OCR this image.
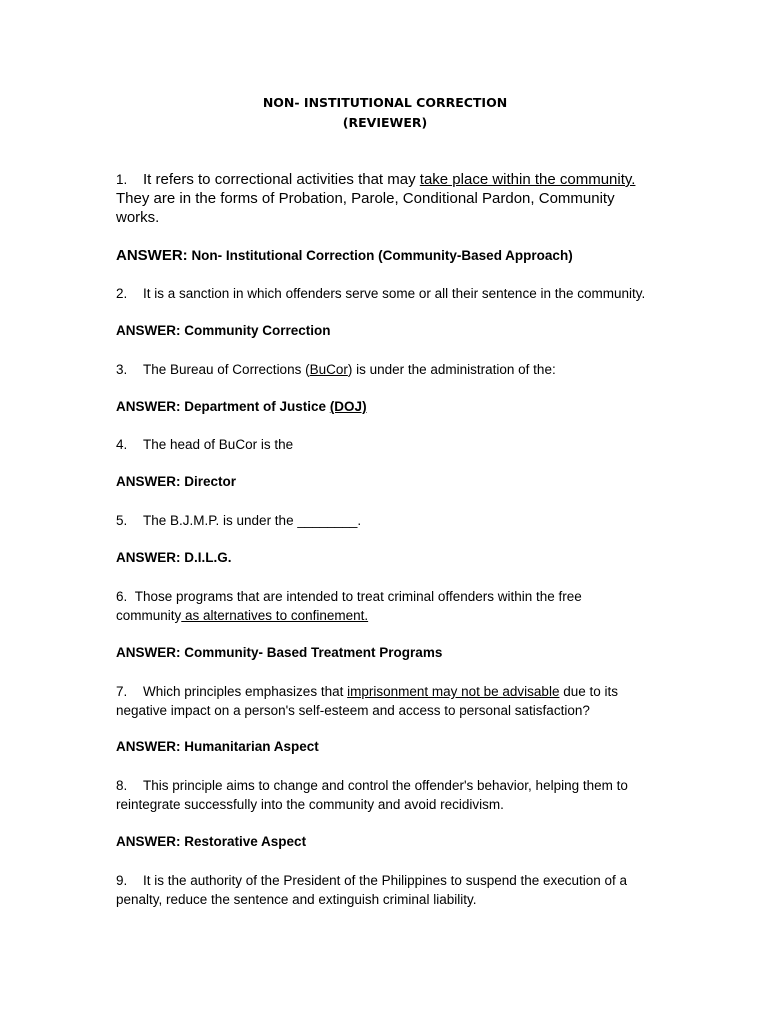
NON- INSTITUTIONAL CORRECTION
(REVIEWER)
1. It refers to correctional activities that may take place within the community. They are in the forms of Probation, Parole, Conditional Pardon, Community works.
ANSWER: Non- Institutional Correction (Community-Based Approach)
2. It is a sanction in which offenders serve some or all their sentence in the community.
ANSWER: Community Correction
3. The Bureau of Corrections (BuCor) is under the administration of the:
ANSWER: Department of Justice (DOJ)
4. The head of BuCor is the
ANSWER: Director
5. The B.J.M.P. is under the ________.
ANSWER: D.I.L.G.
6. Those programs that are intended to treat criminal offenders within the free community as alternatives to confinement.
ANSWER: Community- Based Treatment Programs
7. Which principles emphasizes that imprisonment may not be advisable due to its negative impact on a person's self-esteem and access to personal satisfaction?
ANSWER: Humanitarian Aspect
8. This principle aims to change and control the offender's behavior, helping them to reintegrate successfully into the community and avoid recidivism.
ANSWER: Restorative Aspect
9. It is the authority of the President of the Philippines to suspend the execution of a penalty, reduce the sentence and extinguish criminal liability.
